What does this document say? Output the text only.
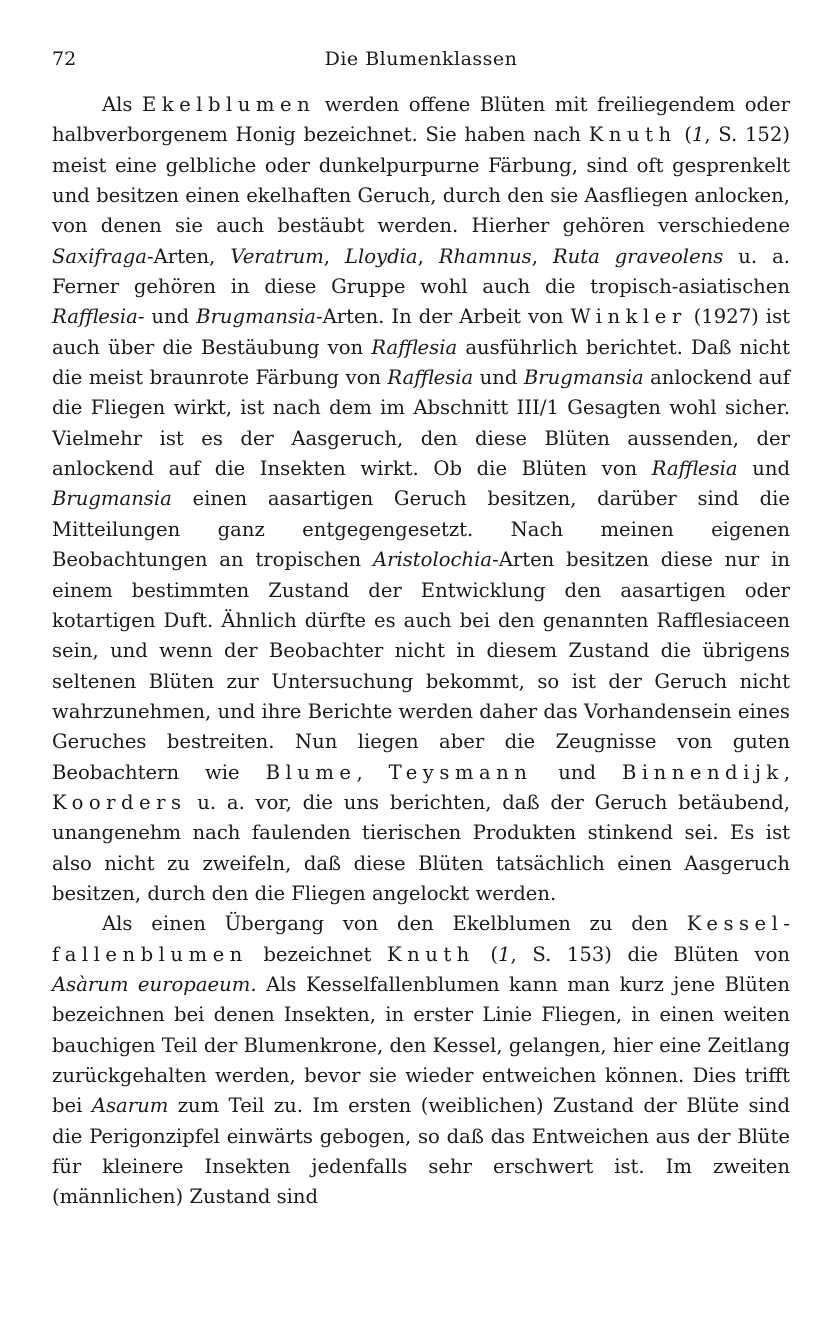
72	Die Blumenklassen

Als Ekelblumen werden offene Blüten mit freiliegendem oder halbverborgenem Honig bezeichnet. Sie haben nach Knuth (1, S. 152) meist eine gelbliche oder dunkelpurpurne Färbung, sind oft gesprenkelt und besitzen einen ekelhaften Geruch, durch den sie Aasfliegen anlocken, von denen sie auch bestäubt werden. Hierher gehören verschiedene Saxifraga-Arten, Veratrum, Lloydia, Rhamnus, Ruta graveolens u. a. Ferner gehören in diese Gruppe wohl auch die tropisch-asiatischen Rafflesia- und Brugmansia-Arten. In der Arbeit von Winkler (1927) ist auch über die Bestäubung von Rafflesia ausführlich berichtet. Daß nicht die meist braunrote Färbung von Rafflesia und Brugmansia anlockend auf die Fliegen wirkt, ist nach dem im Abschnitt III/1 Gesagten wohl sicher. Vielmehr ist es der Aasgeruch, den diese Blüten aussenden, der anlockend auf die Insekten wirkt. Ob die Blüten von Rafflesia und Brugmansia einen aasartigen Geruch besitzen, darüber sind die Mitteilungen ganz entgegengesetzt. Nach meinen eigenen Beobachtungen an tropischen Aristolochia-Arten besitzen diese nur in einem bestimmten Zustand der Entwicklung den aasartigen oder kotartigen Duft. Ähnlich dürfte es auch bei den genannten Rafflesiaceen sein, und wenn der Beobachter nicht in diesem Zustand die übrigens seltenen Blüten zur Untersuchung bekommt, so ist der Geruch nicht wahrzunehmen, und ihre Berichte werden daher das Vorhandensein eines Geruches bestreiten. Nun liegen aber die Zeugnisse von guten Beobachtern wie Blume, Teysmann und Binnendijk, Koorders u. a. vor, die uns berichten, daß der Geruch betäubend, unangenehm nach faulenden tierischen Produkten stinkend sei. Es ist also nicht zu zweifeln, daß diese Blüten tatsächlich einen Aasgeruch besitzen, durch den die Fliegen angelockt werden.

Als einen Übergang von den Ekelblumen zu den Kesselfallenblumen bezeichnet Knuth (1, S. 153) die Blüten von Asàrum europaeum. Als Kesselfallenblumen kann man kurz jene Blüten bezeichnen bei denen Insekten, in erster Linie Fliegen, in einen weiten bauchigen Teil der Blumenkrone, den Kessel, gelangen, hier eine Zeitlang zurückgehalten werden, bevor sie wieder entweichen können. Dies trifft bei Asarum zum Teil zu. Im ersten (weiblichen) Zustand der Blüte sind die Perigonzipfel einwärts gebogen, so daß das Entweichen aus der Blüte für kleinere Insekten jedenfalls sehr erschwert ist. Im zweiten (männlichen) Zustand sind
